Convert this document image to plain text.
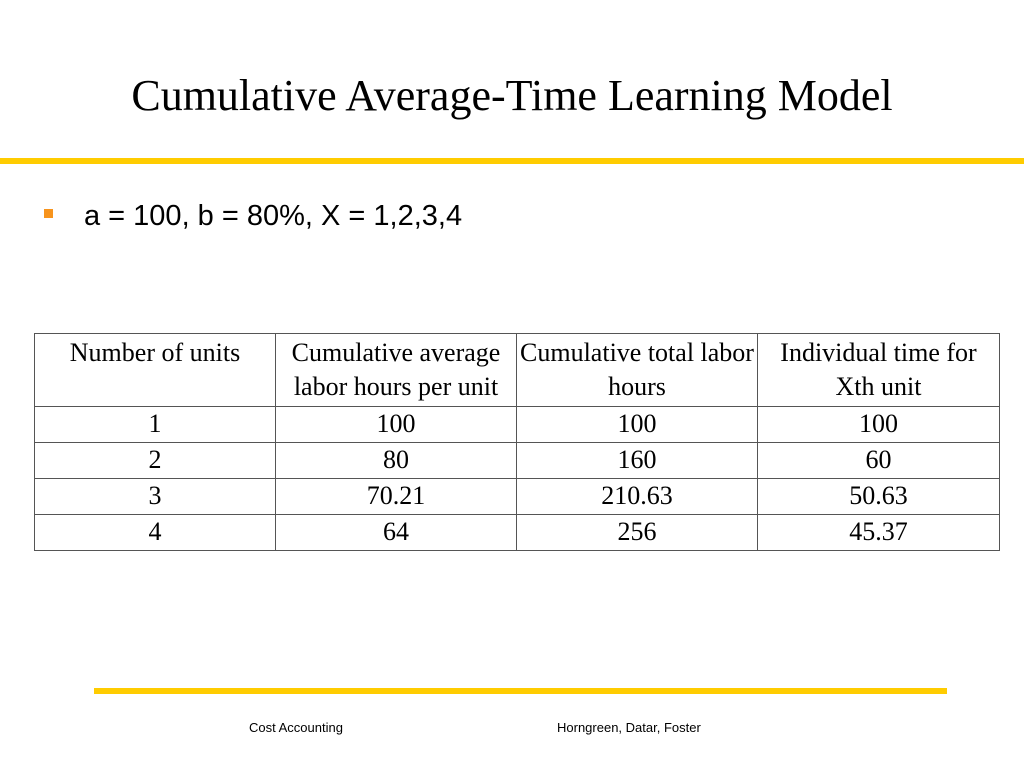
Cumulative Average-Time Learning Model
a = 100, b = 80%, X = 1,2,3,4
Number of units	Cumulative average labor hours per unit	Cumulative total labor hours	Individual time for Xth unit
1	100	100	100
2	80	160	60
3	70.21	210.63	50.63
4	64	256	45.37
Cost Accounting	Horngreen, Datar, Foster
